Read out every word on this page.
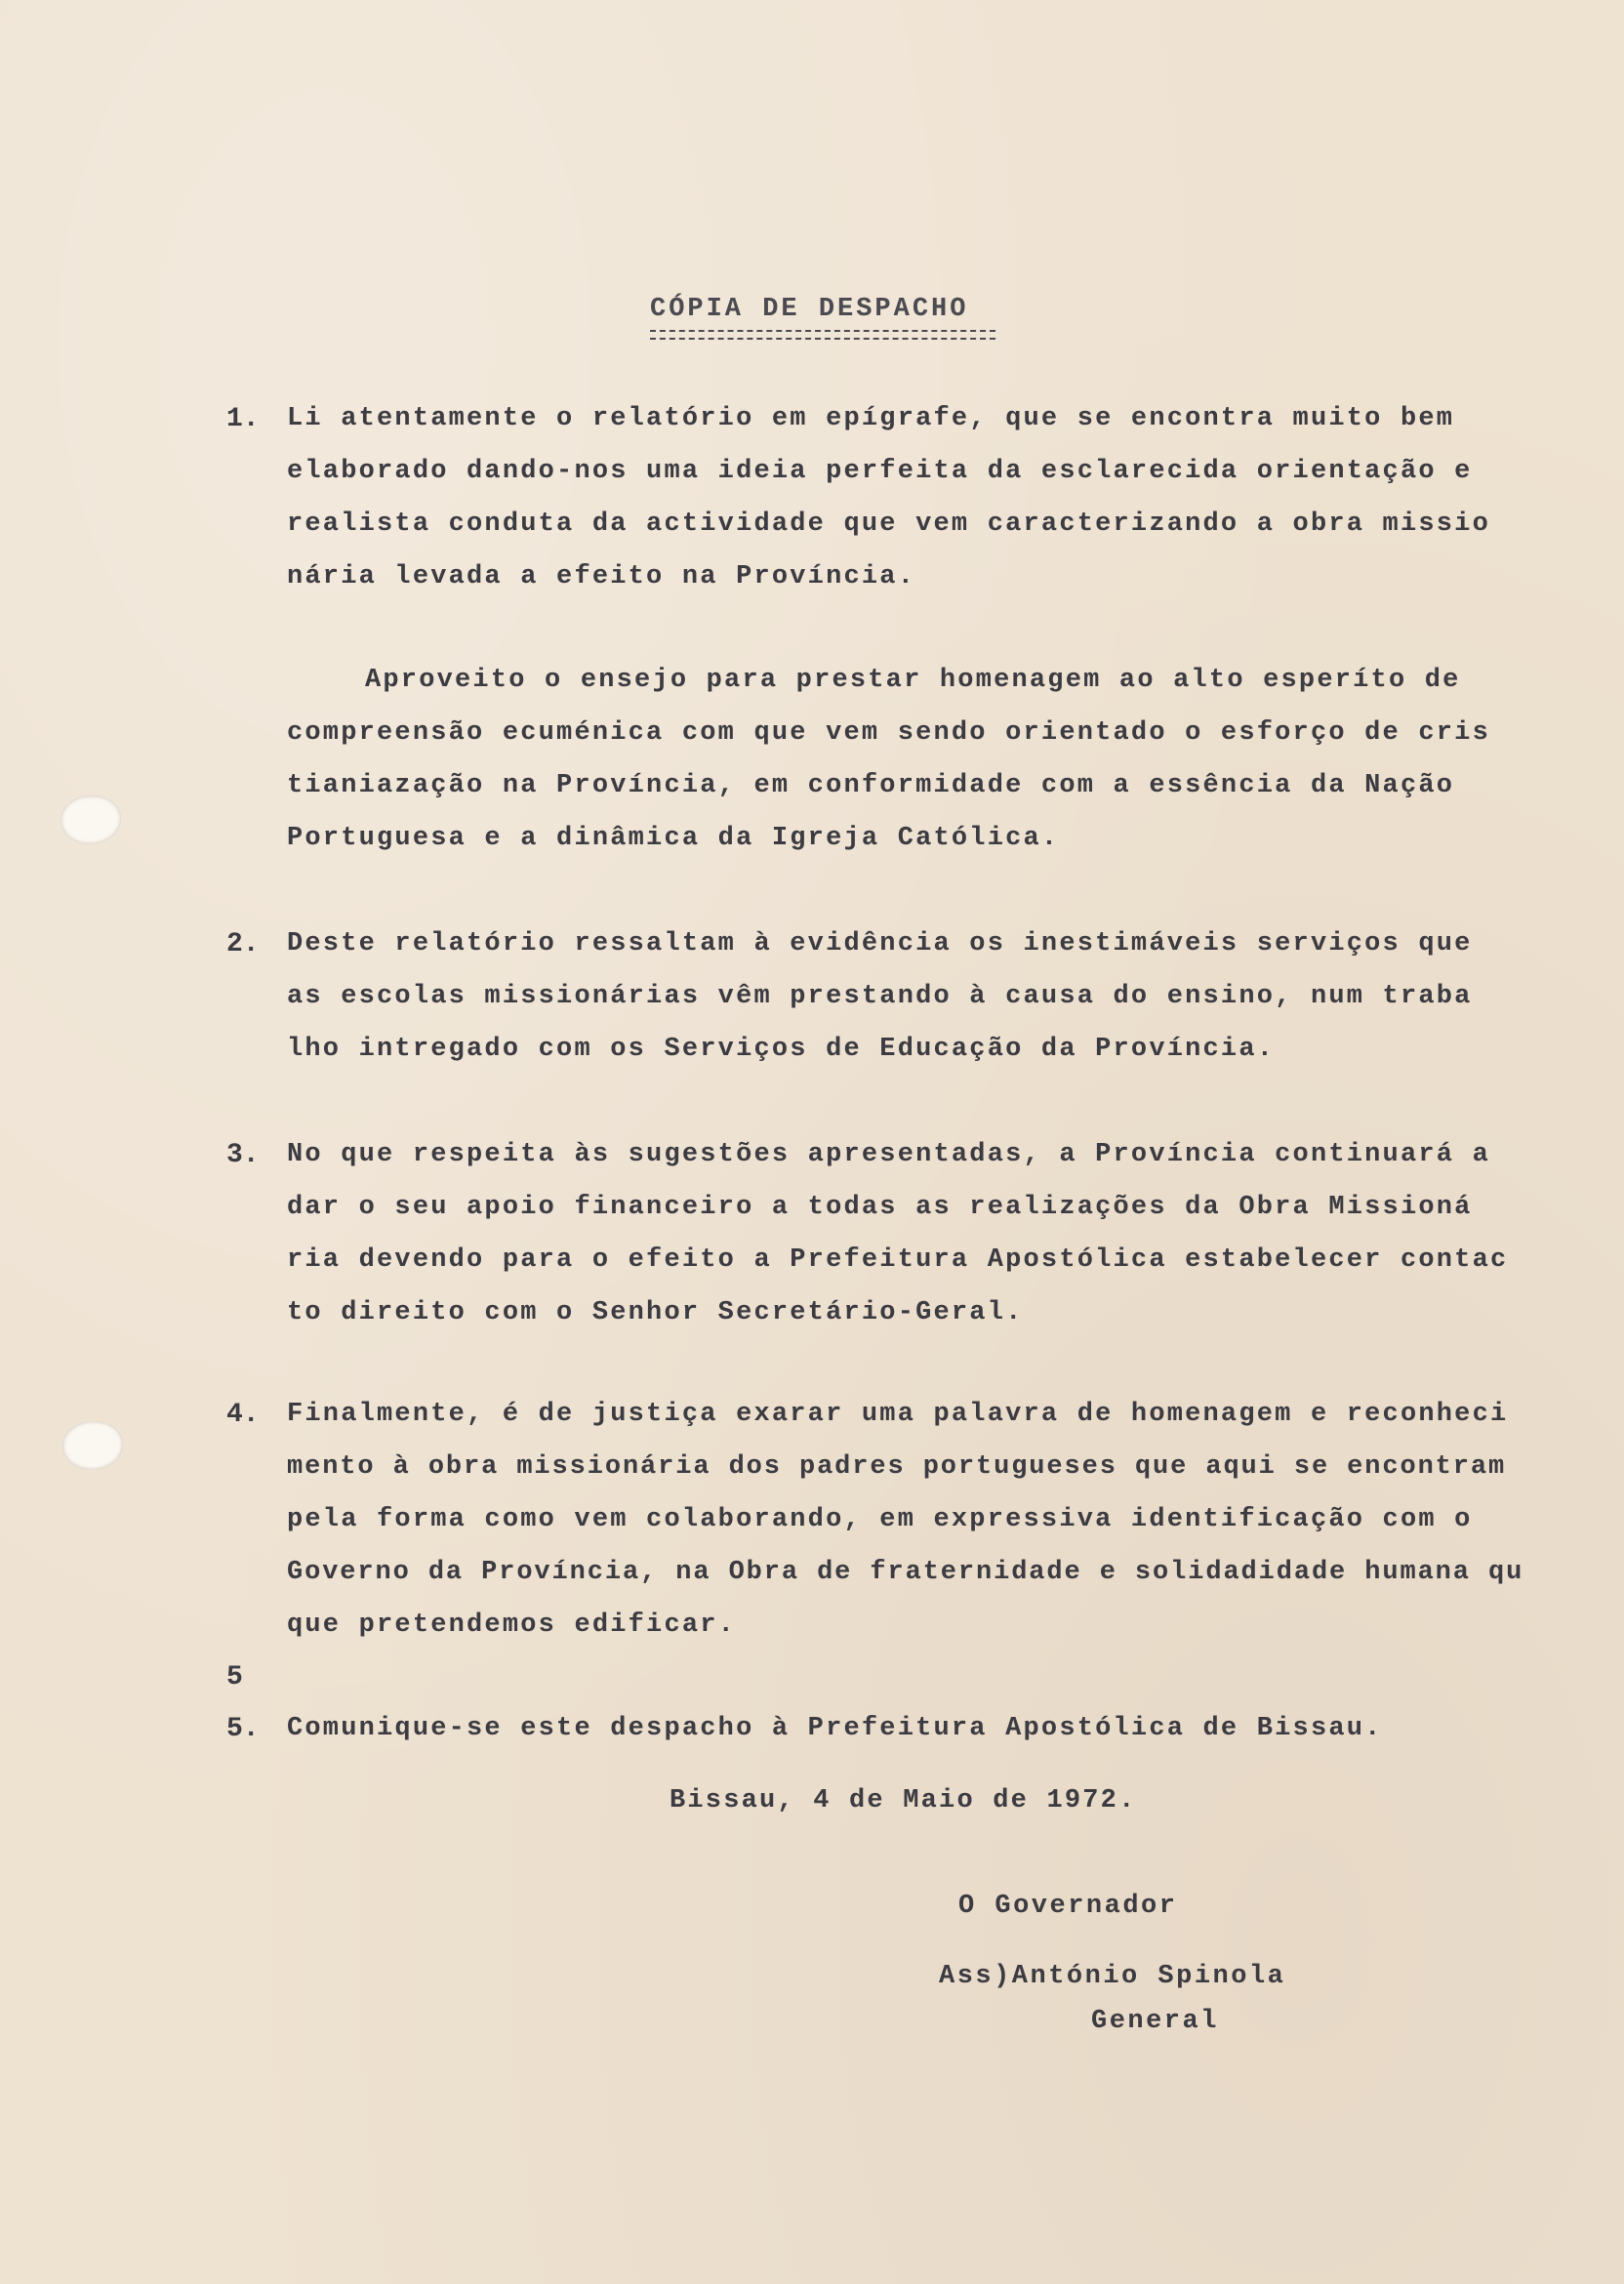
CÓPIA DE DESPACHO
1. Li atentamente o relatório em epígrafe, que se encontra muito bem
elaborado dando-nos uma ideia perfeita da esclarecida orientação e
realista conduta da actividade que vem caracterizando a obra missio
nária levada a efeito na Província.
Aproveito o ensejo para prestar homenagem ao alto esperíto de
compreensão ecuménica com que vem sendo orientado o esforço de cris
tianiazação na Província, em conformidade com a essência da Nação
Portuguesa e a dinâmica da Igreja Católica.
2. Deste relatório ressaltam à evidência os inestimáveis serviços que
as escolas missionárias vêm prestando à causa do ensino, num traba
lho intregado com os Serviços de Educação da Província.
3. No que respeita às sugestões apresentadas, a Província continuará a
dar o seu apoio financeiro a todas as realizações da Obra Missioná
ria devendo para o efeito a Prefeitura Apostólica estabelecer contac
to direito com o Senhor Secretário-Geral.
4. Finalmente, é de justiça exarar uma palavra de homenagem e reconheci
mento à obra missionária dos padres portugueses que aqui se encontram
pela forma como vem colaborando, em expressiva identificação com o
Governo da Província, na Obra de fraternidade e solidadidade humana qu
que pretendemos edificar.
5
5. Comunique-se este despacho à Prefeitura Apostólica de Bissau.
Bissau, 4 de Maio de 1972.
O Governador
Ass)António Spinola
General
